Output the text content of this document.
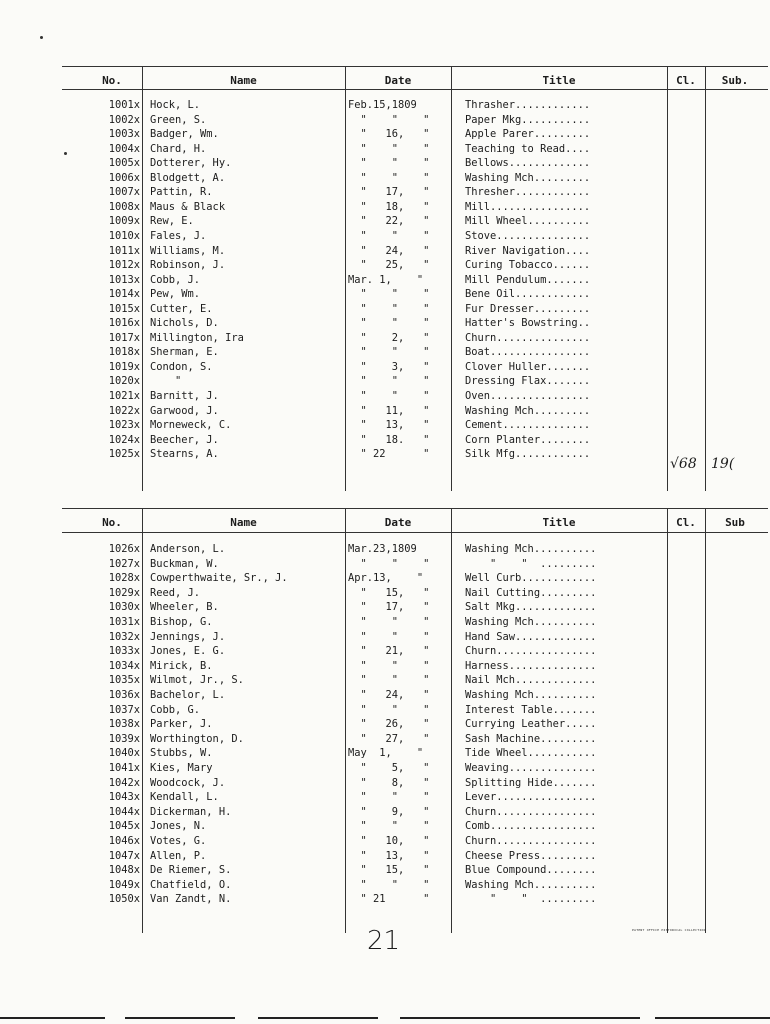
No.	Name	Date	Title	Cl.	Sub.
1001x Hock, L.	Feb.15,1809	Thrasher............
1002x Green, S.	"    "    "	Paper Mkg...........
1003x Badger, Wm.	"   16,   "	Apple Parer.........
1004x Chard, H.	"    "    "	Teaching to Read....
1005x Dotterer, Hy.	"    "    "	Bellows.............
1006x Blodgett, A.	"    "    "	Washing Mch.........
1007x Pattin, R.	"   17,   "	Thresher............
1008x Maus & Black	"   18,   "	Mill................
1009x Rew, E.	"   22,   "	Mill Wheel..........
1010x Fales, J.	"    "    "	Stove...............
1011x Williams, M.	"   24,   "	River Navigation....
1012x Robinson, J.	"   25,   "	Curing Tobacco......
1013x Cobb, J.	Mar. 1,    "	Mill Pendulum.......
1014x Pew, Wm.	"    "    "	Bene Oil............
1015x Cutter, E.	"    "    "	Fur Dresser.........
1016x Nichols, D.	"    "    "	Hatter's Bowstring..
1017x Millington, Ira	"    2,   "	Churn...............
1018x Sherman, E.	"    "    "	Boat................
1019x Condon, S.	"    3,   "	Clover Huller.......
1020x "	"    "    "	Dressing Flax.......
1021x Barnitt, J.	"    "    "	Oven................
1022x Garwood, J.	"   11,   "	Washing Mch.........
1023x Morneweck, C.	"   13,   "	Cement..............
1024x Beecher, J.	"   18.   "	Corn Planter........
1025x Stearns, A.	" 22      "	Silk Mfg............
√68 19(
No.	Name	Date	Title	Cl.	Sub
1026x Anderson, L.	Mar.23,1809	Washing Mch..........
1027x Buckman, W.	"    "    "	"    "  .........
1028x Cowperthwaite, Sr., J.	Apr.13,    "	Well Curb............
1029x Reed, J.	"   15,   "	Nail Cutting.........
1030x Wheeler, B.	"   17,   "	Salt Mkg.............
1031x Bishop, G.	"    "    "	Washing Mch..........
1032x Jennings, J.	"    "    "	Hand Saw.............
1033x Jones, E. G.	"   21,   "	Churn................
1034x Mirick, B.	"    "    "	Harness..............
1035x Wilmot, Jr., S.	"    "    "	Nail Mch.............
1036x Bachelor, L.	"   24,   "	Washing Mch..........
1037x Cobb, G.	"    "    "	Interest Table.......
1038x Parker, J.	"   26,   "	Currying Leather.....
1039x Worthington, D.	"   27,   "	Sash Machine.........
1040x Stubbs, W.	May  1,    "	Tide Wheel...........
1041x Kies, Mary	"    5,   "	Weaving..............
1042x Woodcock, J.	"    8,   "	Splitting Hide.......
1043x Kendall, L.	"    "    "	Lever................
1044x Dickerman, H.	"    9,   "	Churn................
1045x Jones, N.	"    "    "	Comb.................
1046x Votes, G.	"   10,   "	Churn................
1047x Allen, P.	"   13,   "	Cheese Press.........
1048x De Riemer, S.	"   15,   "	Blue Compound........
1049x Chatfield, O.	"    "    "	Washing Mch..........
1050x Van Zandt, N.	" 21      "	"    "  .........
21	PATENT OFFICE HISTORICAL COLLECTION
